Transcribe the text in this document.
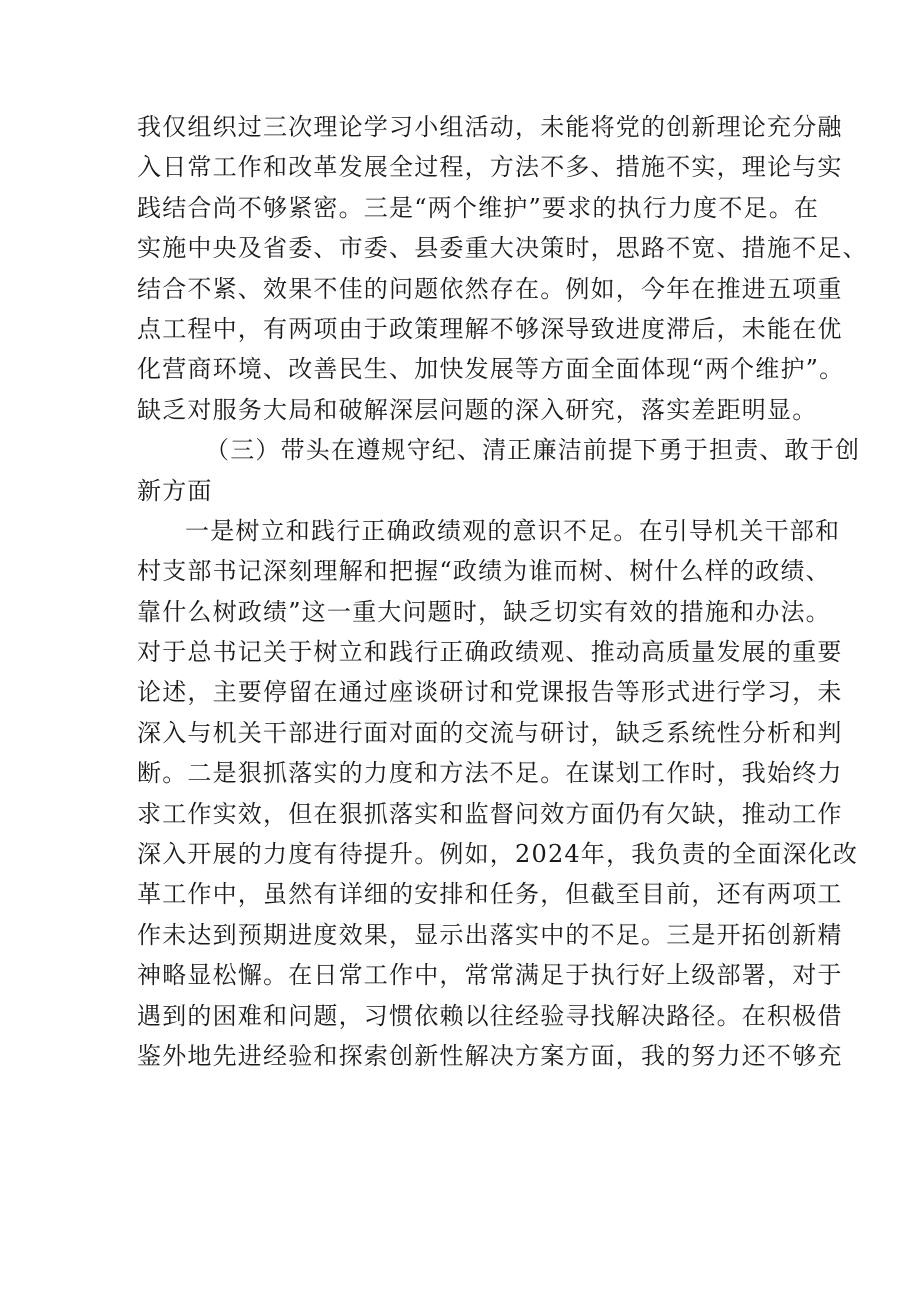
我仅组织过三次理论学习小组活动，未能将党的创新理论充分融
入日常工作和改革发展全过程，方法不多、措施不实，理论与实
践结合尚不够紧密。三是“两个维护”要求的执行力度不足。在
实施中央及省委、市委、县委重大决策时，思路不宽、措施不足、
结合不紧、效果不佳的问题依然存在。例如，今年在推进五项重
点工程中，有两项由于政策理解不够深导致进度滞后，未能在优
化营商环境、改善民生、加快发展等方面全面体现“两个维护”。
缺乏对服务大局和破解深层问题的深入研究，落实差距明显。
（三）带头在遵规守纪、清正廉洁前提下勇于担责、敢于创
新方面
一是树立和践行正确政绩观的意识不足。在引导机关干部和
村支部书记深刻理解和把握“政绩为谁而树、树什么样的政绩、
靠什么树政绩”这一重大问题时，缺乏切实有效的措施和办法。
对于总书记关于树立和践行正确政绩观、推动高质量发展的重要
论述，主要停留在通过座谈研讨和党课报告等形式进行学习，未
深入与机关干部进行面对面的交流与研讨，缺乏系统性分析和判
断。二是狠抓落实的力度和方法不足。在谋划工作时，我始终力
求工作实效，但在狠抓落实和监督问效方面仍有欠缺，推动工作
深入开展的力度有待提升。例如，2024年，我负责的全面深化改
革工作中，虽然有详细的安排和任务，但截至目前，还有两项工
作未达到预期进度效果，显示出落实中的不足。三是开拓创新精
神略显松懈。在日常工作中，常常满足于执行好上级部署，对于
遇到的困难和问题，习惯依赖以往经验寻找解决路径。在积极借
鉴外地先进经验和探索创新性解决方案方面，我的努力还不够充
